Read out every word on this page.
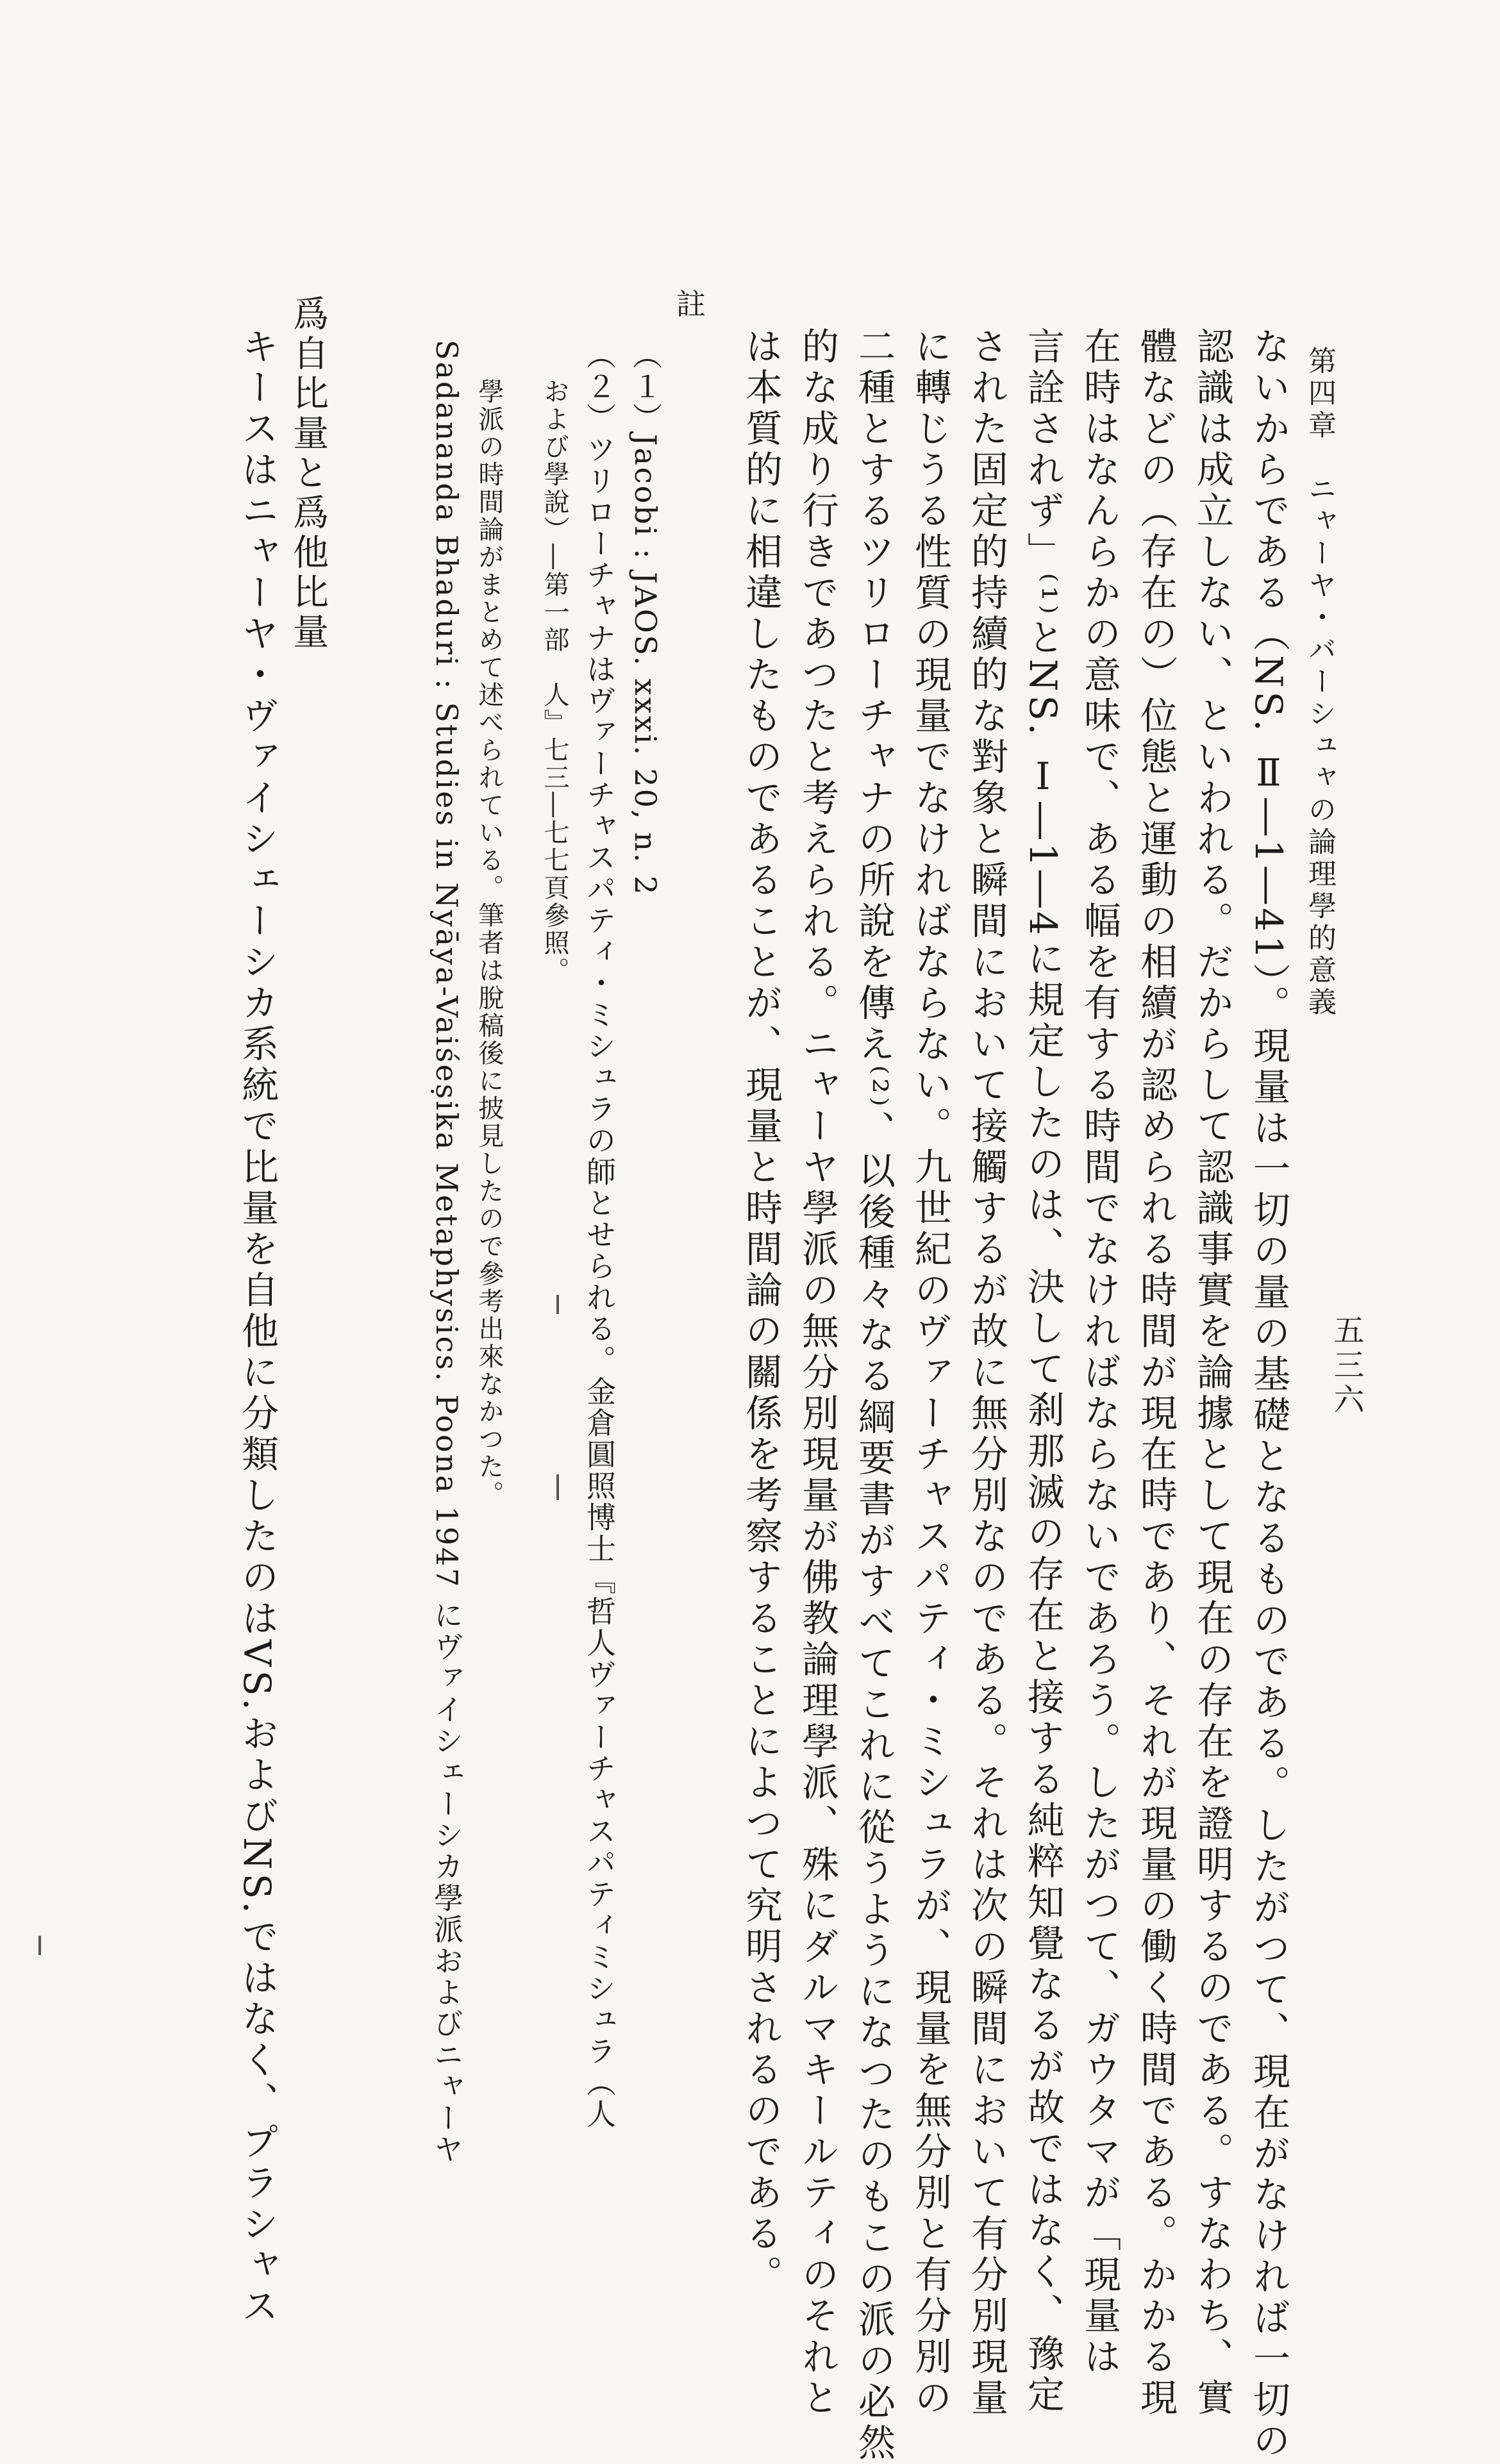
第四章　ニャーヤ・バーシュャの論理學的意義
五三六
ないからである（NS. Ⅱ―1―41）。現量は一切の量の基礎となるものである。したがつて、現在がなければ一切の
認識は成立しない、といわれる。だからして認識事實を論據として現在の存在を證明するのである。すなわち、實
體などの（存在の）位態と運動の相續が認められる時間が現在時であり、それが現量の働く時間である。かかる現
在時はなんらかの意味で、ある幅を有する時間でなければならないであろう。したがつて、ガウタマが「現量は
言詮されず」⁽¹⁾とNS. Ⅰ―1―4に規定したのは、決して刹那滅の存在と接する純粹知覺なるが故ではなく、豫定
された固定的持續的な對象と瞬間において接觸するが故に無分別なのである。それは次の瞬間において有分別現量
に轉じうる性質の現量でなければならない。九世紀のヴァーチャスパティ・ミシュラが、現量を無分別と有分別の
二種とするツリローチャナの所說を傳え⁽²⁾、以後種々なる綱要書がすべてこれに從うようになつたのもこの派の必然
的な成り行きであつたと考えられる。ニャーヤ學派の無分別現量が佛教論理學派、殊にダルマキールティのそれと
は本質的に相違したものであることが、現量と時間論の關係を考察することによつて究明されるのである。
註
（１）Jacobi : JAOS. xxxi. 20, n. 2
（２）ツリローチャナはヴァーチャスパティ・ミシュラの師とせられる。金倉圓照博士『哲人ヴァーチャスパティミシュラ（人
および學說）―第一部　人』七三―七七頁參照。
學派の時間論がまとめて述べられている。筆者は脫稿後に披見したので參考出來なかつた。
Sadananda Bhaduri : Studies in Nyāya-Vaiśeṣika Metaphysics. Poona 1947 にヴァイシェーシカ學派およびニャーヤ
爲自比量と爲他比量
キースはニャーヤ・ヴァイシェーシカ系統で比量を自他に分類したのはVS.およびNS.ではなく、プラシャス
